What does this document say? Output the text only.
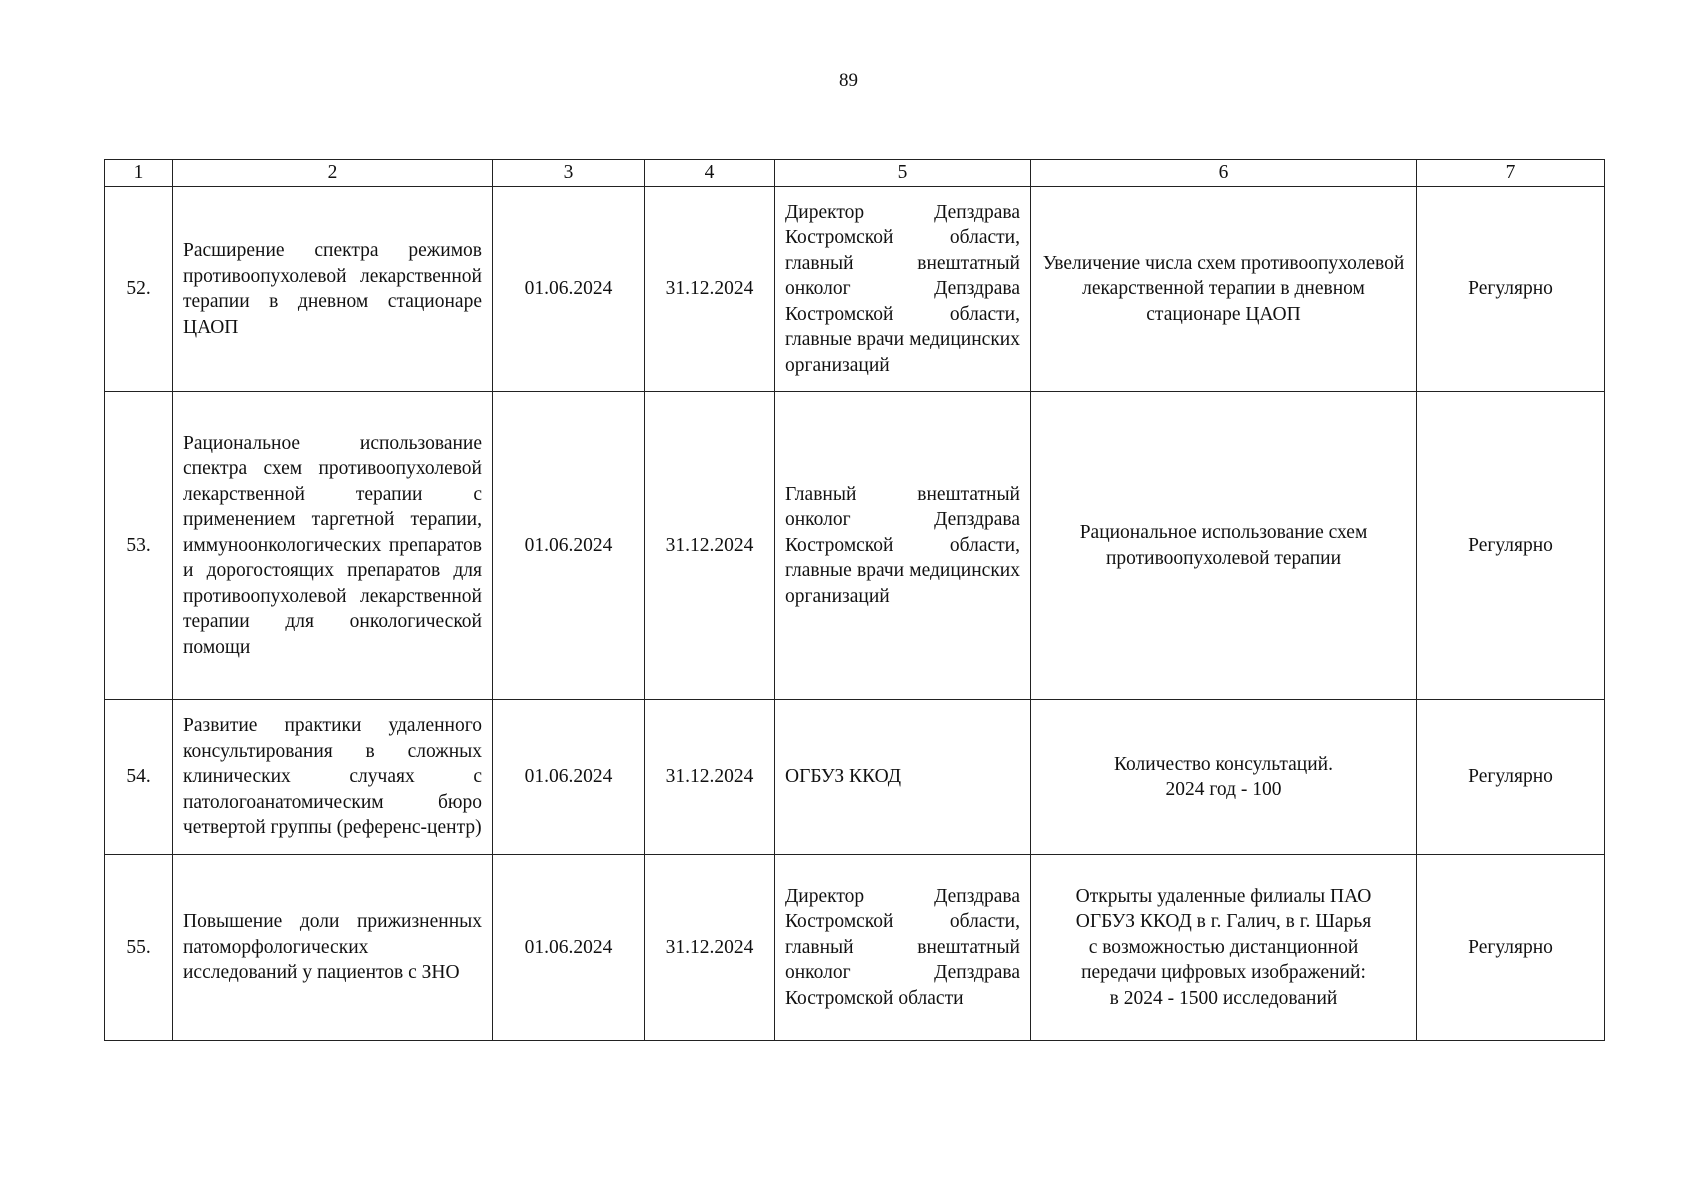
89
1	2	3	4	5	6	7
52.	Расширение спектра режимов противоопухолевой лекарственной терапии в дневном стационаре ЦАОП	01.06.2024	31.12.2024	Директор Депздрава Костромской области, главный внештатный онколог Депздрава Костромской области, главные врачи медицинских организаций	Увеличение числа схем противоопухолевой лекарственной терапии в дневном стационаре ЦАОП	Регулярно
53.	Рациональное использование спектра схем противоопухолевой лекарственной терапии с применением таргетной терапии, иммуноонкологических препаратов и дорогостоящих препаратов для противоопухолевой лекарственной терапии для онкологической помощи	01.06.2024	31.12.2024	Главный внештатный онколог Депздрава Костромской области, главные врачи медицинских организаций	Рациональное использование схем противоопухолевой терапии	Регулярно
54.	Развитие практики удаленного консультирования в сложных клинических случаях с патологоанатомическим бюро четвертой группы (референс-центр)	01.06.2024	31.12.2024	ОГБУЗ ККОД	Количество консультаций.
2024 год - 100	Регулярно
55.	Повышение доли прижизненных патоморфологических исследований у пациентов с ЗНО	01.06.2024	31.12.2024	Директор Депздрава Костромской области, главный внештатный онколог Депздрава Костромской области	Открыты удаленные филиалы ПАО
ОГБУЗ ККОД в г. Галич, в г. Шарья
с возможностью дистанционной
передачи цифровых изображений:
в 2024 - 1500 исследований	Регулярно
